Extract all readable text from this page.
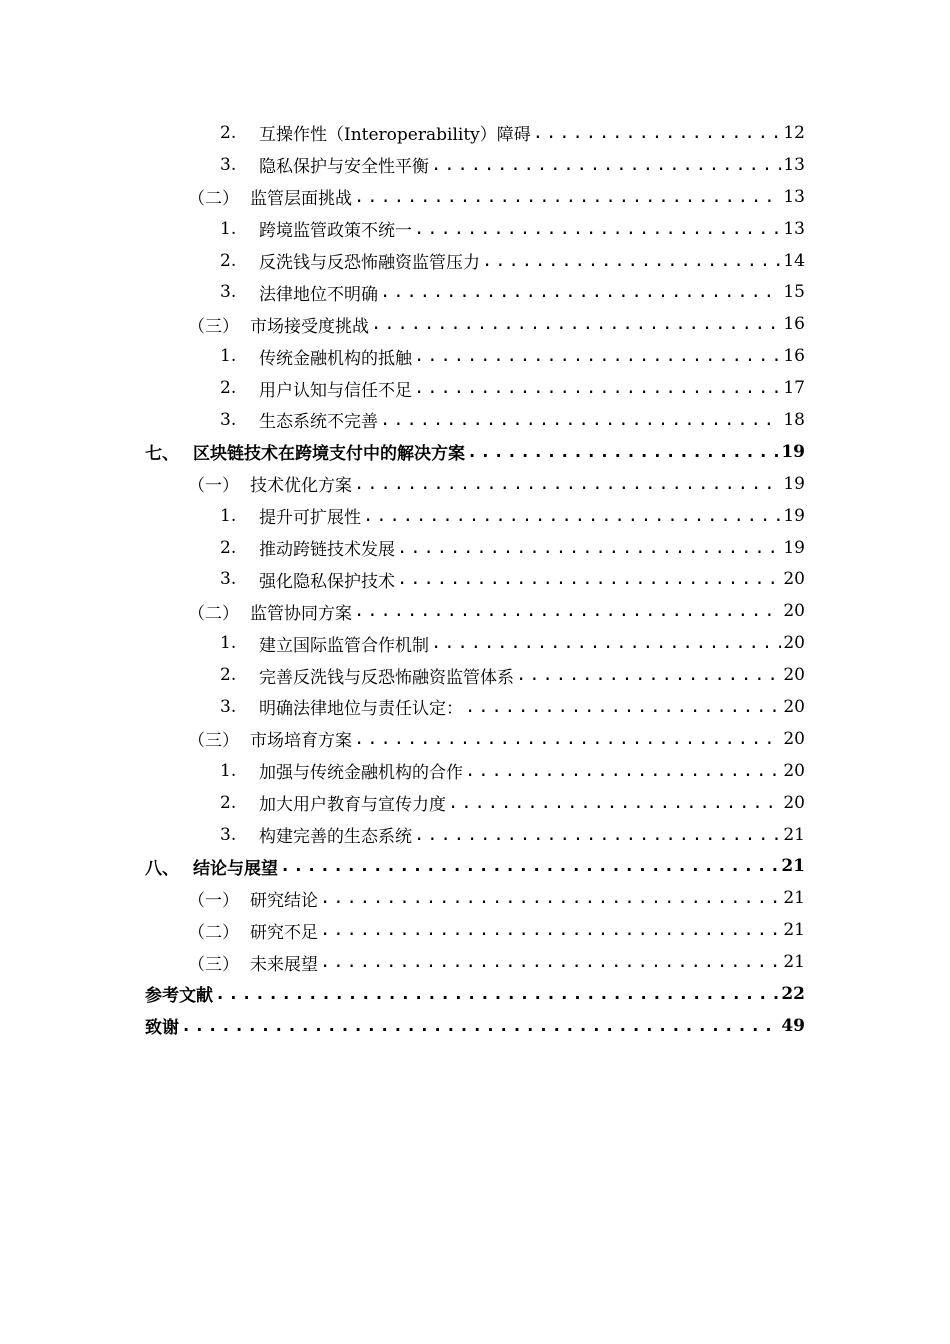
2.	互操作性（Interoperability）障碍 .....	12
3.	隐私保护与安全性平衡 .....	13
（二） 监管层面挑战 .....	13
1.	跨境监管政策不统一 .....	13
2.	反洗钱与反恐怖融资监管压力 .....	14
3.	法律地位不明确 .....	15
（三） 市场接受度挑战 .....	16
1.	传统金融机构的抵触 .....	16
2.	用户认知与信任不足 .....	17
3.	生态系统不完善 .....	18
七、 区块链技术在跨境支付中的解决方案 .....	19
（一） 技术优化方案 .....	19
1.	提升可扩展性 .....	19
2.	推动跨链技术发展 .....	19
3.	强化隐私保护技术 .....	20
（二） 监管协同方案 .....	20
1.	建立国际监管合作机制 .....	20
2.	完善反洗钱与反恐怖融资监管体系 .....	20
3.	明确法律地位与责任认定： .....	20
（三） 市场培育方案 .....	20
1.	加强与传统金融机构的合作 .....	20
2.	加大用户教育与宣传力度 .....	20
3.	构建完善的生态系统 .....	21
八、 结论与展望 .....	21
（一） 研究结论 .....	21
（二） 研究不足 .....	21
（三） 未来展望 .....	21
参考文献 .....	22
致谢 .....	49
